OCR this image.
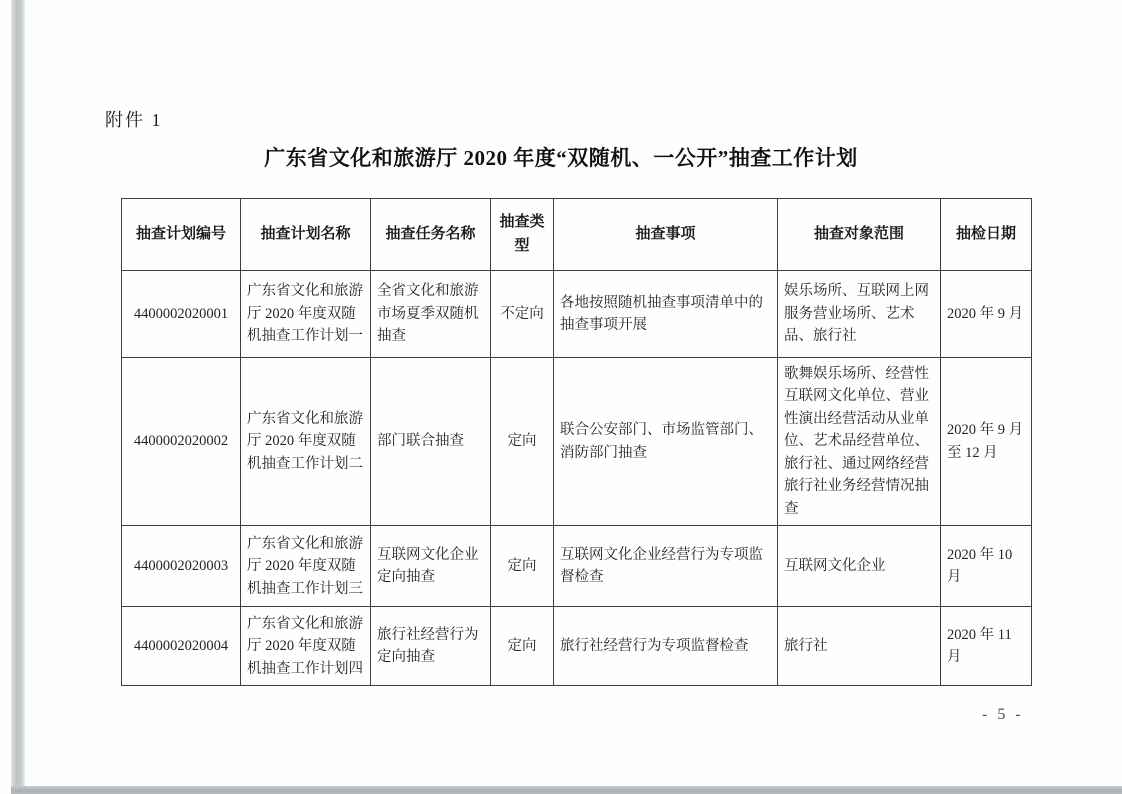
附件 1
广东省文化和旅游厅 2020 年度“双随机、一公开”抽查工作计划
抽查计划编号	抽查计划名称	抽查任务名称	抽查类型	抽查事项	抽查对象范围	抽检日期
4400002020001	广东省文化和旅游厅 2020 年度双随机抽查工作计划一	全省文化和旅游市场夏季双随机抽查	不定向	各地按照随机抽查事项清单中的抽查事项开展	娱乐场所、互联网上网服务营业场所、艺术品、旅行社	2020 年 9 月
4400002020002	广东省文化和旅游厅 2020 年度双随机抽查工作计划二	部门联合抽查	定向	联合公安部门、市场监管部门、消防部门抽查	歌舞娱乐场所、经营性互联网文化单位、营业性演出经营活动从业单位、艺术品经营单位、旅行社、通过网络经营旅行社业务经营情况抽查	2020 年 9 月至 12 月
4400002020003	广东省文化和旅游厅 2020 年度双随机抽查工作计划三	互联网文化企业定向抽查	定向	互联网文化企业经营行为专项监督检查	互联网文化企业	2020 年 10 月
4400002020004	广东省文化和旅游厅 2020 年度双随机抽查工作计划四	旅行社经营行为定向抽查	定向	旅行社经营行为专项监督检查	旅行社	2020 年 11 月
- 5 -
